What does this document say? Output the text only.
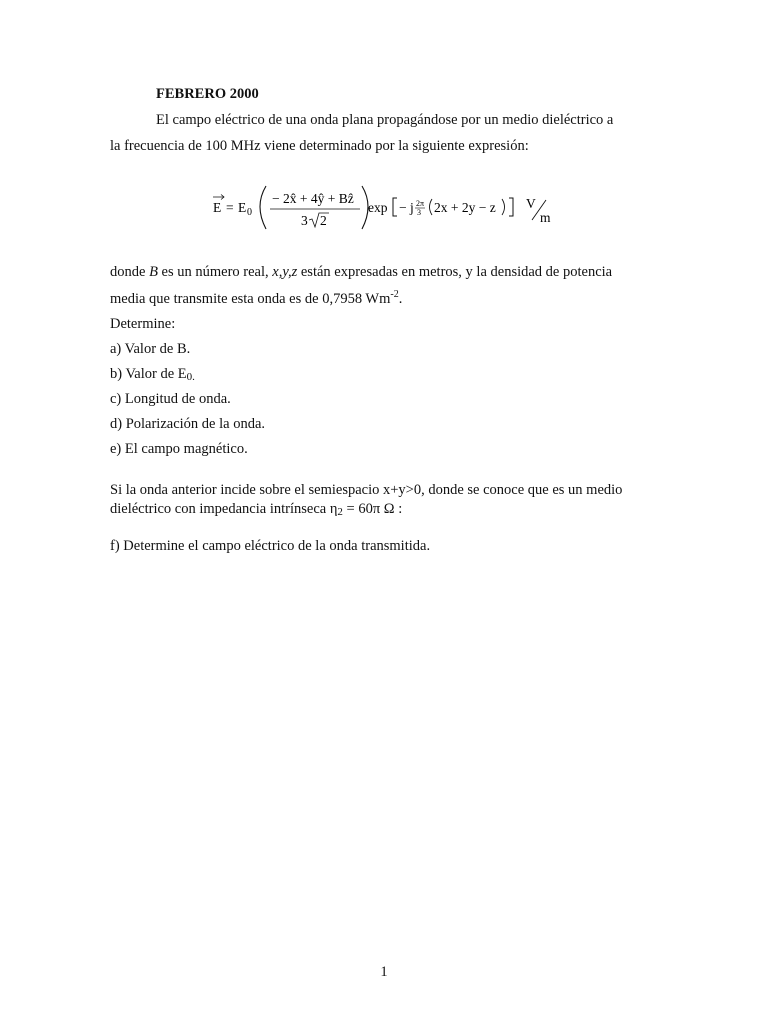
FEBRERO 2000
El campo eléctrico de una onda plana propagándose por un medio dieléctrico a
la frecuencia de 100 MHz viene determinado por la siguiente expresión:
E = E 0
− 2x̂ + 4ŷ + Bẑ
3 2
exp − j 2π
3 2x + 2y − z V
m
donde B es un número real, x,y,z están expresadas en metros, y la densidad de potencia
media que transmite esta onda es de 0,7958 $Wm^{-2}$.
Determine:
a) Valor de B.
b) Valor de E0.
c) Longitud de onda.
d) Polarización de la onda.
e) El campo magnético.
Si la onda anterior incide sobre el semiespacio x+y>0, donde se conoce que es un medio
dieléctrico con impedancia intrínseca η2 = 60π Ω :
f) Determine el campo eléctrico de la onda transmitida.
1
